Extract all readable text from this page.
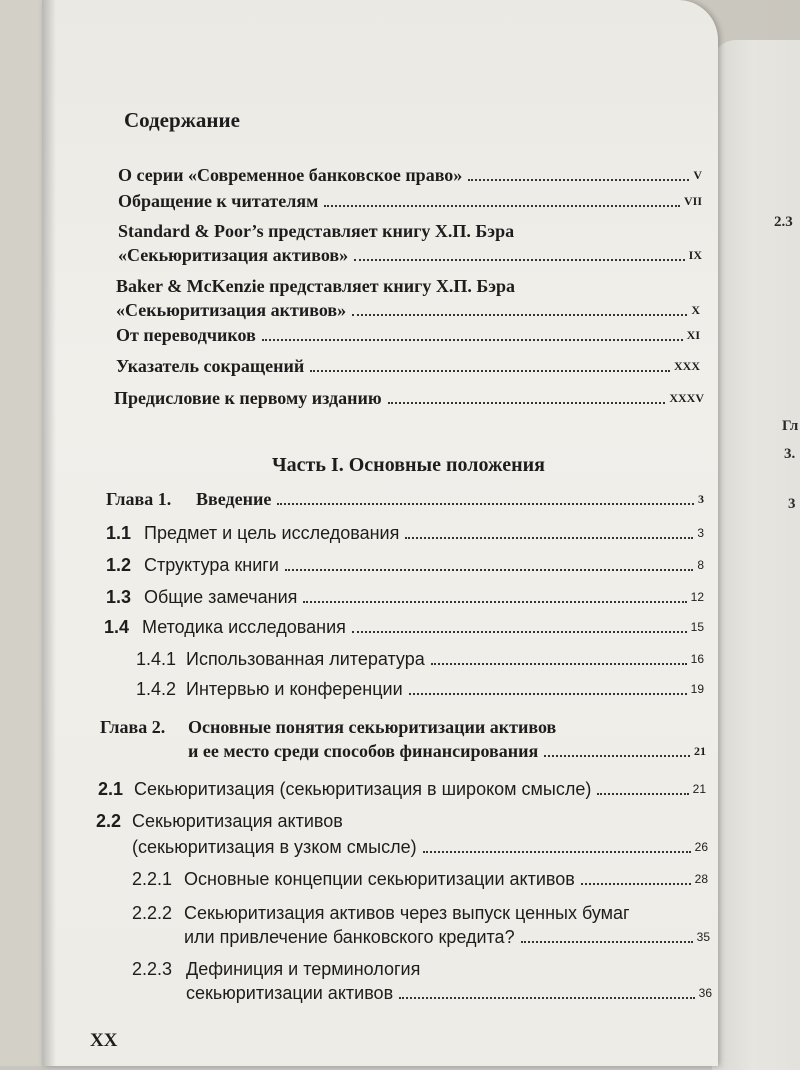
2.3
Гл
3.
3
Содержание
О серии «Современное банковское право»	V
Обращение к читателям	VII
Standard & Poor’s представляет книгу Х.П. Бэра
«Секьюритизация активов»	IX
Baker & McKenzie представляет книгу Х.П. Бэра
«Секьюритизация активов»	X
От переводчиков	XI
Указатель сокращений	XXX
Предисловие к первому изданию	XXXV
Часть I. Основные положения
Глава 1.	Введение	3
1.1 Предмет и цель исследования	3
1.2 Структура книги	8
1.3 Общие замечания	12
1.4 Методика исследования	15
1.4.1 Использованная литература	16
1.4.2 Интервью и конференции	19
Глава 2. Основные понятия секьюритизации активов
и ее место среди способов финансирования	21
2.1 Секьюритизация (секьюритизация в широком смысле)	21
2.2 Секьюритизация активов
(секьюритизация в узком смысле)	26
2.2.1 Основные концепции секьюритизации активов	28
2.2.2 Секьюритизация активов через выпуск ценных бумаг
или привлечение банковского кредита?	35
2.2.3 Дефиниция и терминология
секьюритизации активов	36
XX
